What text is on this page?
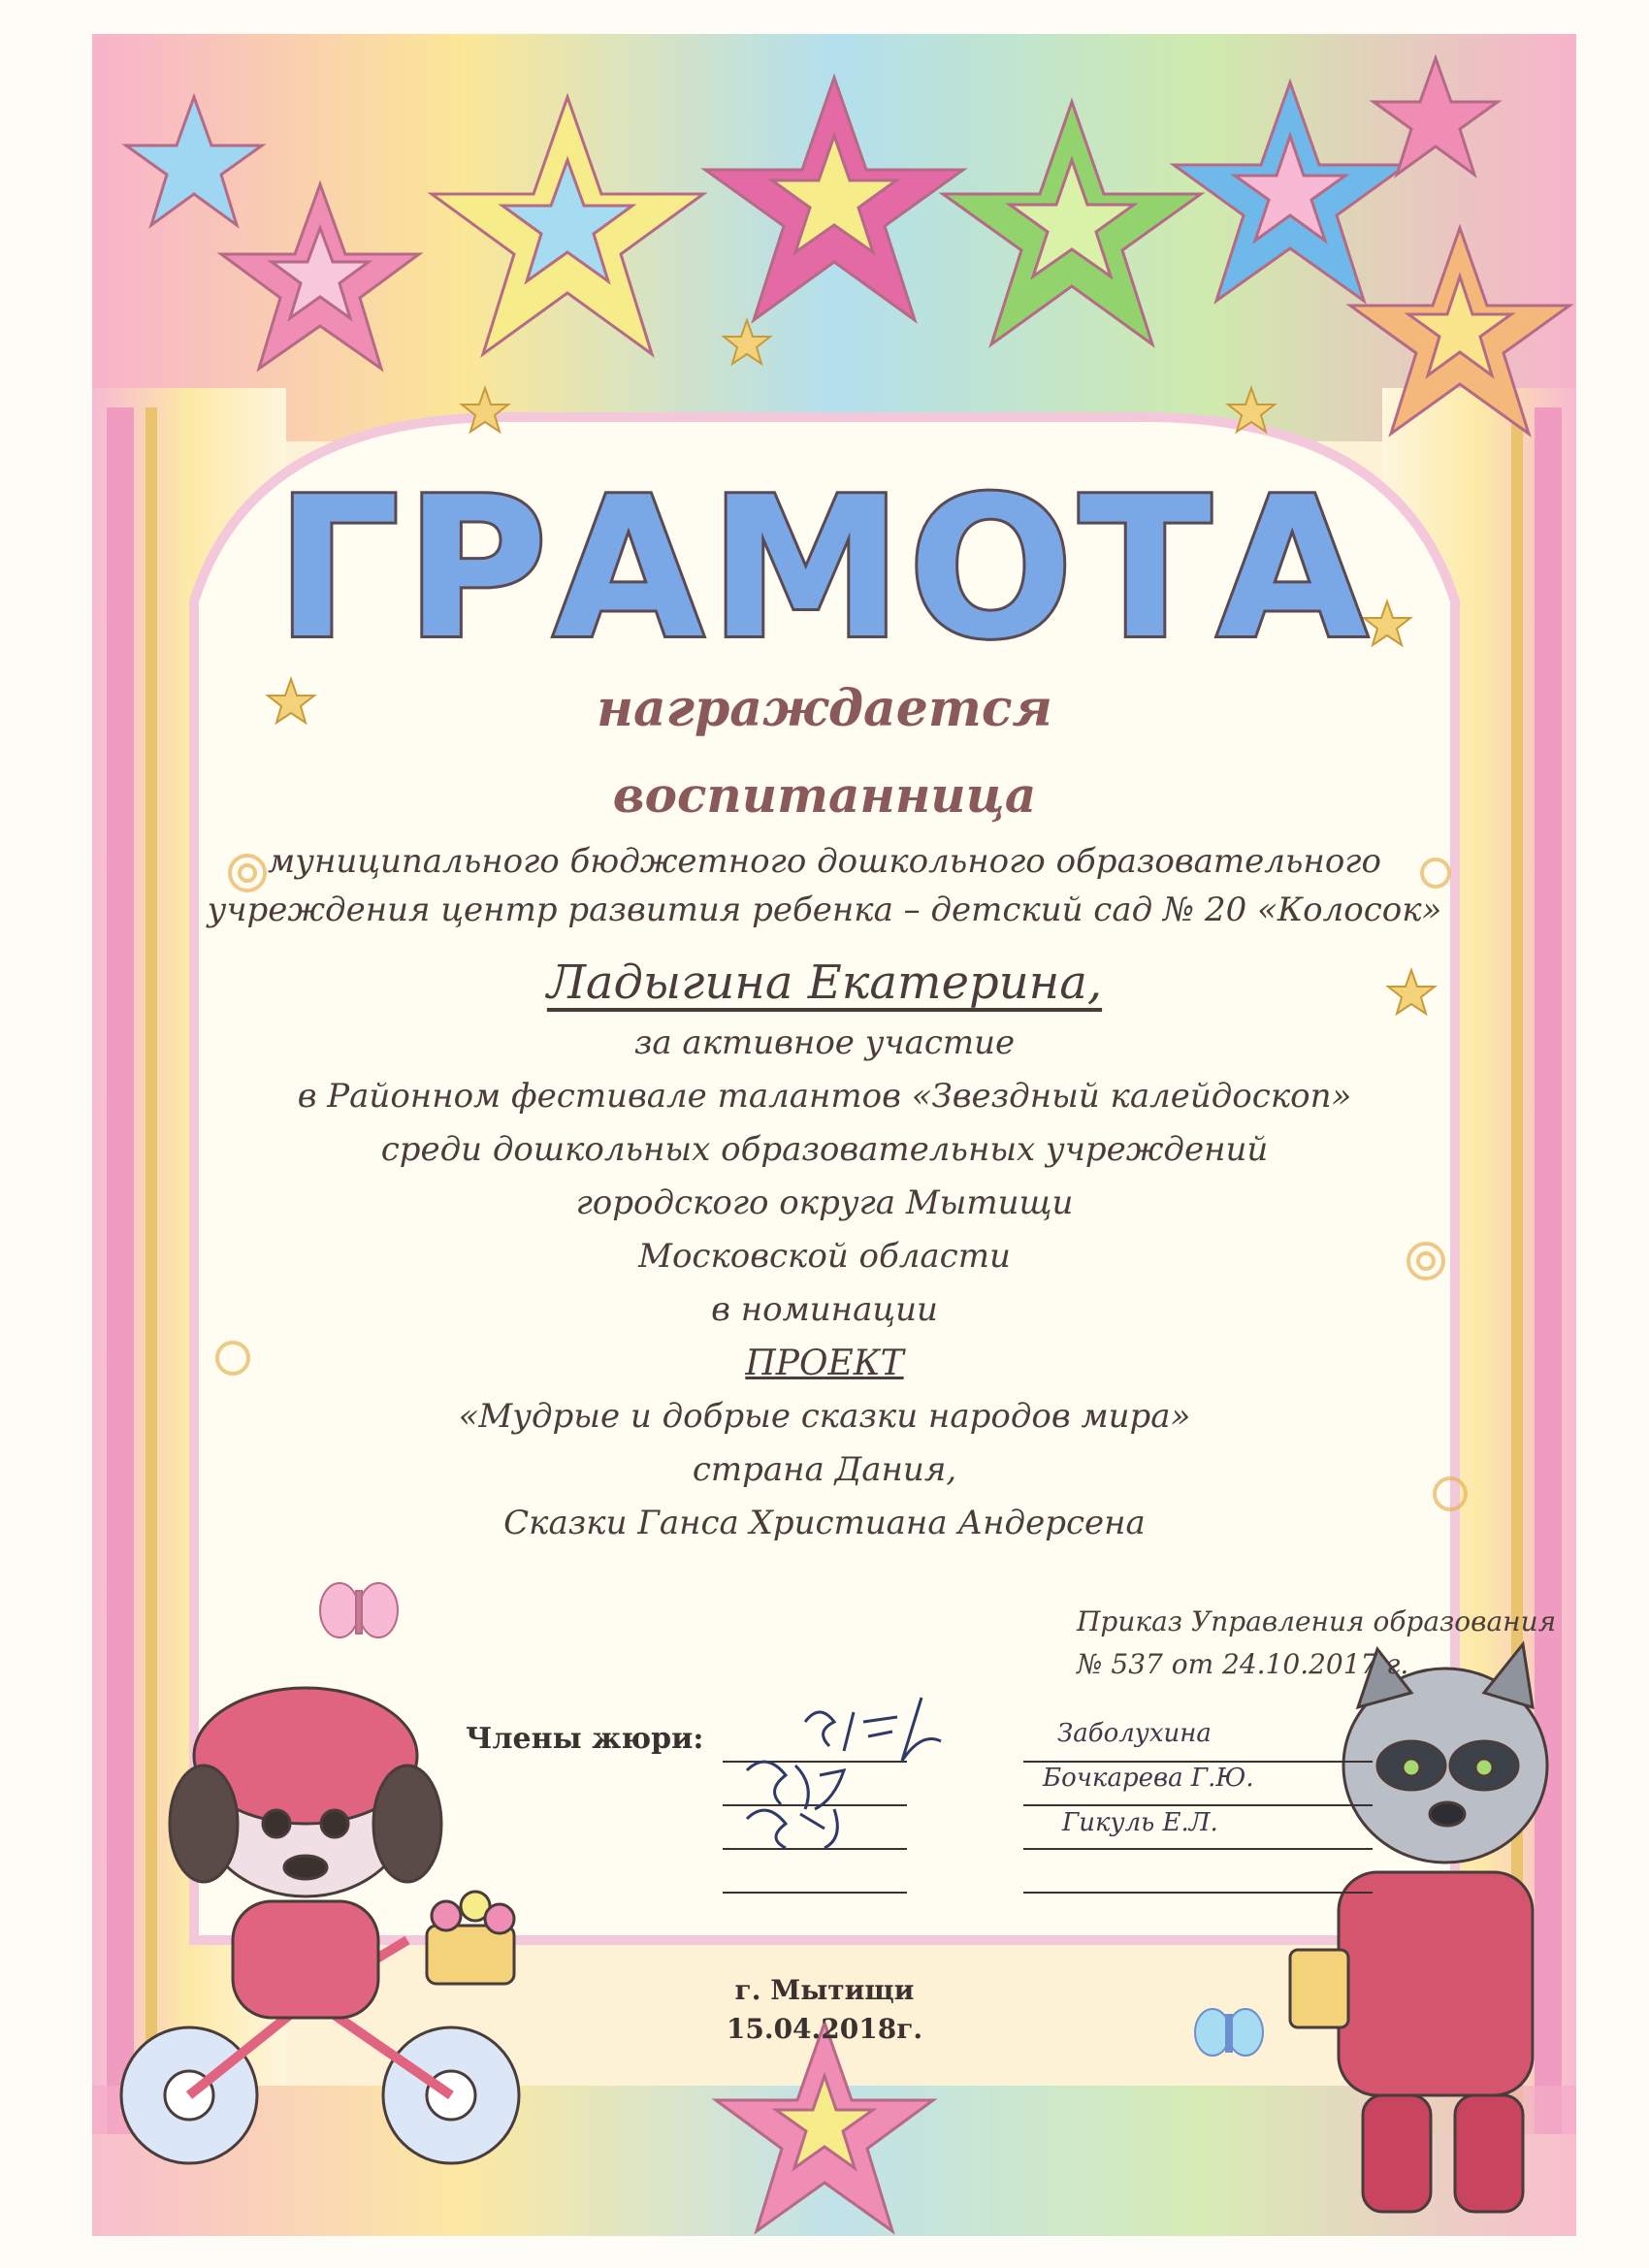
ГРАМОТА
награждается
воспитанница
муниципального бюджетного дошкольного образовательного
учреждения центр развития ребенка – детский сад № 20 «Колосок»
Ладыгина Екатерина,
за активное участие
в Районном фестивале талантов «Звездный калейдоскоп»
среди дошкольных образовательных учреждений
городского округа Мытищи
Московской области
в номинации
ПРОЕКТ
«Мудрые и добрые сказки народов мира»
страна Дания,
Сказки Ганса Христиана Андерсена
Приказ Управления образования
№ 537 от 24.10.2017 г.
Члены жюри:	Заболухина
Бочкарева Г.Ю.
Гикуль Е.Л.
г. Мытищи
15.04.2018г.
